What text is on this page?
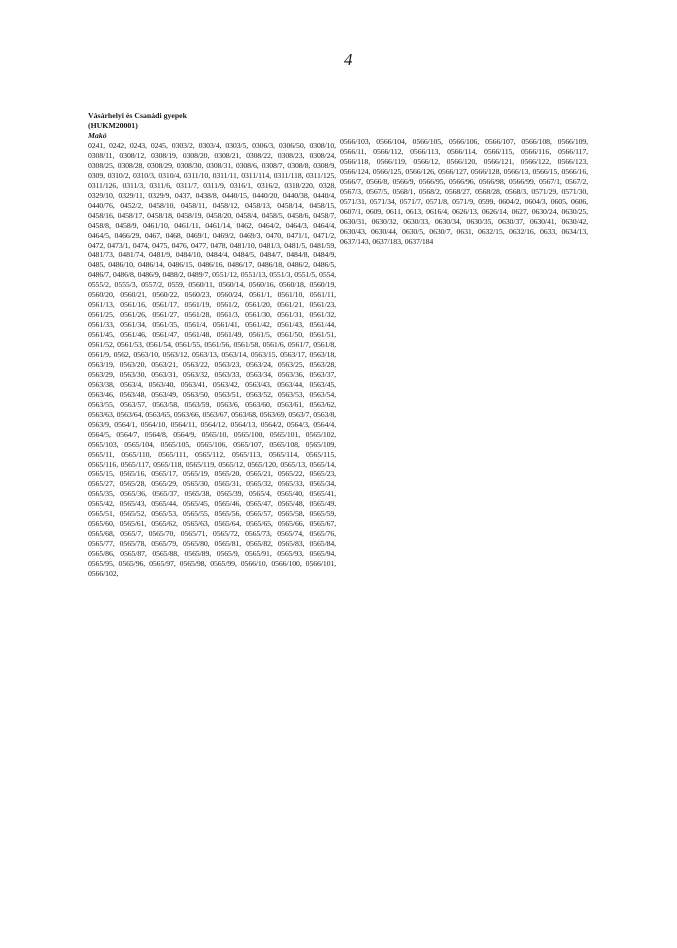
4
Vásárhelyi és Csanádi gyepek
(HUKM20001)
Makó
0241, 0242, 0243, 0245, 0303/2, 0303/4, 0303/5, 0306/3, 0306/50, 0308/10, 0308/11, 0308/12, 0308/19, 0308/20, 0308/21, 0308/22, 0308/23, 0308/24, 0308/25, 0308/28, 0308/29, 0308/30, 0308/31, 0308/6, 0308/7, 0308/8, 0308/9, 0309, 0310/2, 0310/3, 0310/4, 0311/10, 0311/11, 0311/114, 0311/118, 0311/125, 0311/126, 0311/3, 0311/6, 0311/7, 0311/9, 0316/1, 0316/2, 0318/220, 0328, 0329/10, 0329/11, 0329/9, 0437, 0438/8, 0440/15, 0440/20, 0440/38, 0440/4, 0440/76, 0452/2, 0458/10, 0458/11, 0458/12, 0458/13, 0458/14, 0458/15, 0458/16, 0458/17, 0458/18, 0458/19, 0458/20, 0458/4, 0458/5, 0458/6, 0458/7, 0458/8, 0458/9, 0461/10, 0461/11, 0461/14, 0462, 0464/2, 0464/3, 0464/4, 0464/5, 0466/29, 0467, 0468, 0469/1, 0469/2, 0469/3, 0470, 0471/1, 0471/2, 0472, 0473/1, 0474, 0475, 0476, 0477, 0478, 0481/10, 0481/3, 0481/5, 0481/59, 0481/73, 0481/74, 0481/9, 0484/10, 0484/4, 0484/5, 0484/7, 0484/8, 0484/9, 0485, 0486/10, 0486/14, 0486/15, 0486/16, 0486/17, 0486/18, 0486/2, 0486/5, 0486/7, 0486/8, 0486/9, 0488/2, 0489/7, 0551/12, 0551/13, 0551/3, 0551/5, 0554, 0555/2, 0555/3, 0557/2, 0559, 0560/11, 0560/14, 0560/16, 0560/18, 0560/19, 0560/20, 0560/21, 0560/22, 0560/23, 0560/24, 0561/1, 0561/10, 0561/11, 0561/13, 0561/16, 0561/17, 0561/19, 0561/2, 0561/20, 0561/21, 0561/23, 0561/25, 0561/26, 0561/27, 0561/28, 0561/3, 0561/30, 0561/31, 0561/32, 0561/33, 0561/34, 0561/35, 0561/4, 0561/41, 0561/42, 0561/43, 0561/44, 0561/45, 0561/46, 0561/47, 0561/48, 0561/49, 0561/5, 0561/50, 0561/51, 0561/52, 0561/53, 0561/54, 0561/55, 0561/56, 0561/58, 0561/6, 0561/7, 0561/8, 0561/9, 0562, 0563/10, 0563/12, 0563/13, 0563/14, 0563/15, 0563/17, 0563/18, 0563/19, 0563/20, 0563/21, 0563/22, 0563/23, 0563/24, 0563/25, 0563/28, 0563/29, 0563/30, 0563/31, 0563/32, 0563/33, 0563/34, 0563/36, 0563/37, 0563/38, 0563/4, 0563/40, 0563/41, 0563/42, 0563/43, 0563/44, 0563/45, 0563/46, 0563/48, 0563/49, 0563/50, 0563/51, 0563/52, 0563/53, 0563/54, 0563/55, 0563/57, 0563/58, 0563/59, 0563/6, 0563/60, 0563/61, 0563/62, 0563/63, 0563/64, 0563/65, 0563/66, 0563/67, 0563/68, 0563/69, 0563/7, 0563/8, 0563/9, 0564/1, 0564/10, 0564/11, 0564/12, 0564/13, 0564/2, 0564/3, 0564/4, 0564/5, 0564/7, 0564/8, 0564/9, 0565/10, 0565/100, 0565/101, 0565/102, 0565/103, 0565/104, 0565/105, 0565/106, 0565/107, 0565/108, 0565/109, 0565/11, 0565/110, 0565/111, 0565/112, 0565/113, 0565/114, 0565/115, 0565/116, 0565/117, 0565/118, 0565/119, 0565/12, 0565/120, 0565/13, 0565/14, 0565/15, 0565/16, 0565/17, 0565/19, 0565/20, 0565/21, 0565/22, 0565/23, 0565/27, 0565/28, 0565/29, 0565/30, 0565/31, 0565/32, 0565/33, 0565/34, 0565/35, 0565/36, 0565/37, 0565/38, 0565/39, 0565/4, 0565/40, 0565/41, 0565/42, 0565/43, 0565/44, 0565/45, 0565/46, 0565/47, 0565/48, 0565/49, 0565/51, 0565/52, 0565/53, 0565/55, 0565/56, 0565/57, 0565/58, 0565/59, 0565/60, 0565/61, 0565/62, 0565/63, 0565/64, 0565/65, 0565/66, 0565/67, 0565/68, 0565/7, 0565/70, 0565/71, 0565/72, 0565/73, 0565/74, 0565/76, 0565/77, 0565/78, 0565/79, 0565/80, 0565/81, 0565/82, 0565/83, 0565/84, 0565/86, 0565/87, 0565/88, 0565/89, 0565/9, 0565/91, 0565/93, 0565/94, 0565/95, 0565/96, 0565/97, 0565/98, 0565/99, 0566/10, 0566/100, 0566/101, 0566/102,
0566/103, 0566/104, 0566/105, 0566/106, 0566/107, 0566/108, 0566/109, 0566/11, 0566/112, 0566/113, 0566/114, 0566/115, 0566/116, 0566/117, 0566/118, 0566/119, 0566/12, 0566/120, 0566/121, 0566/122, 0566/123, 0566/124, 0566/125, 0566/126, 0566/127, 0566/128, 0566/13, 0566/15, 0566/16, 0566/7, 0566/8, 0566/9, 0566/95, 0566/96, 0566/98, 0566/99, 0567/1, 0567/2, 0567/3, 0567/5, 0568/1, 0568/2, 0568/27, 0568/28, 0568/3, 0571/29, 0571/30, 0571/31, 0571/34, 0571/7, 0571/8, 0571/9, 0599, 0604/2, 0604/3, 0605, 0606, 0607/1, 0609, 0611, 0613, 0616/4, 0626/13, 0626/14, 0627, 0630/24, 0630/25, 0630/31, 0630/32, 0630/33, 0630/34, 0630/35, 0630/37, 0630/41, 0630/42, 0630/43, 0630/44, 0630/5, 0630/7, 0631, 0632/15, 0632/16, 0633, 0634/13, 0637/143, 0637/183, 0637/184
